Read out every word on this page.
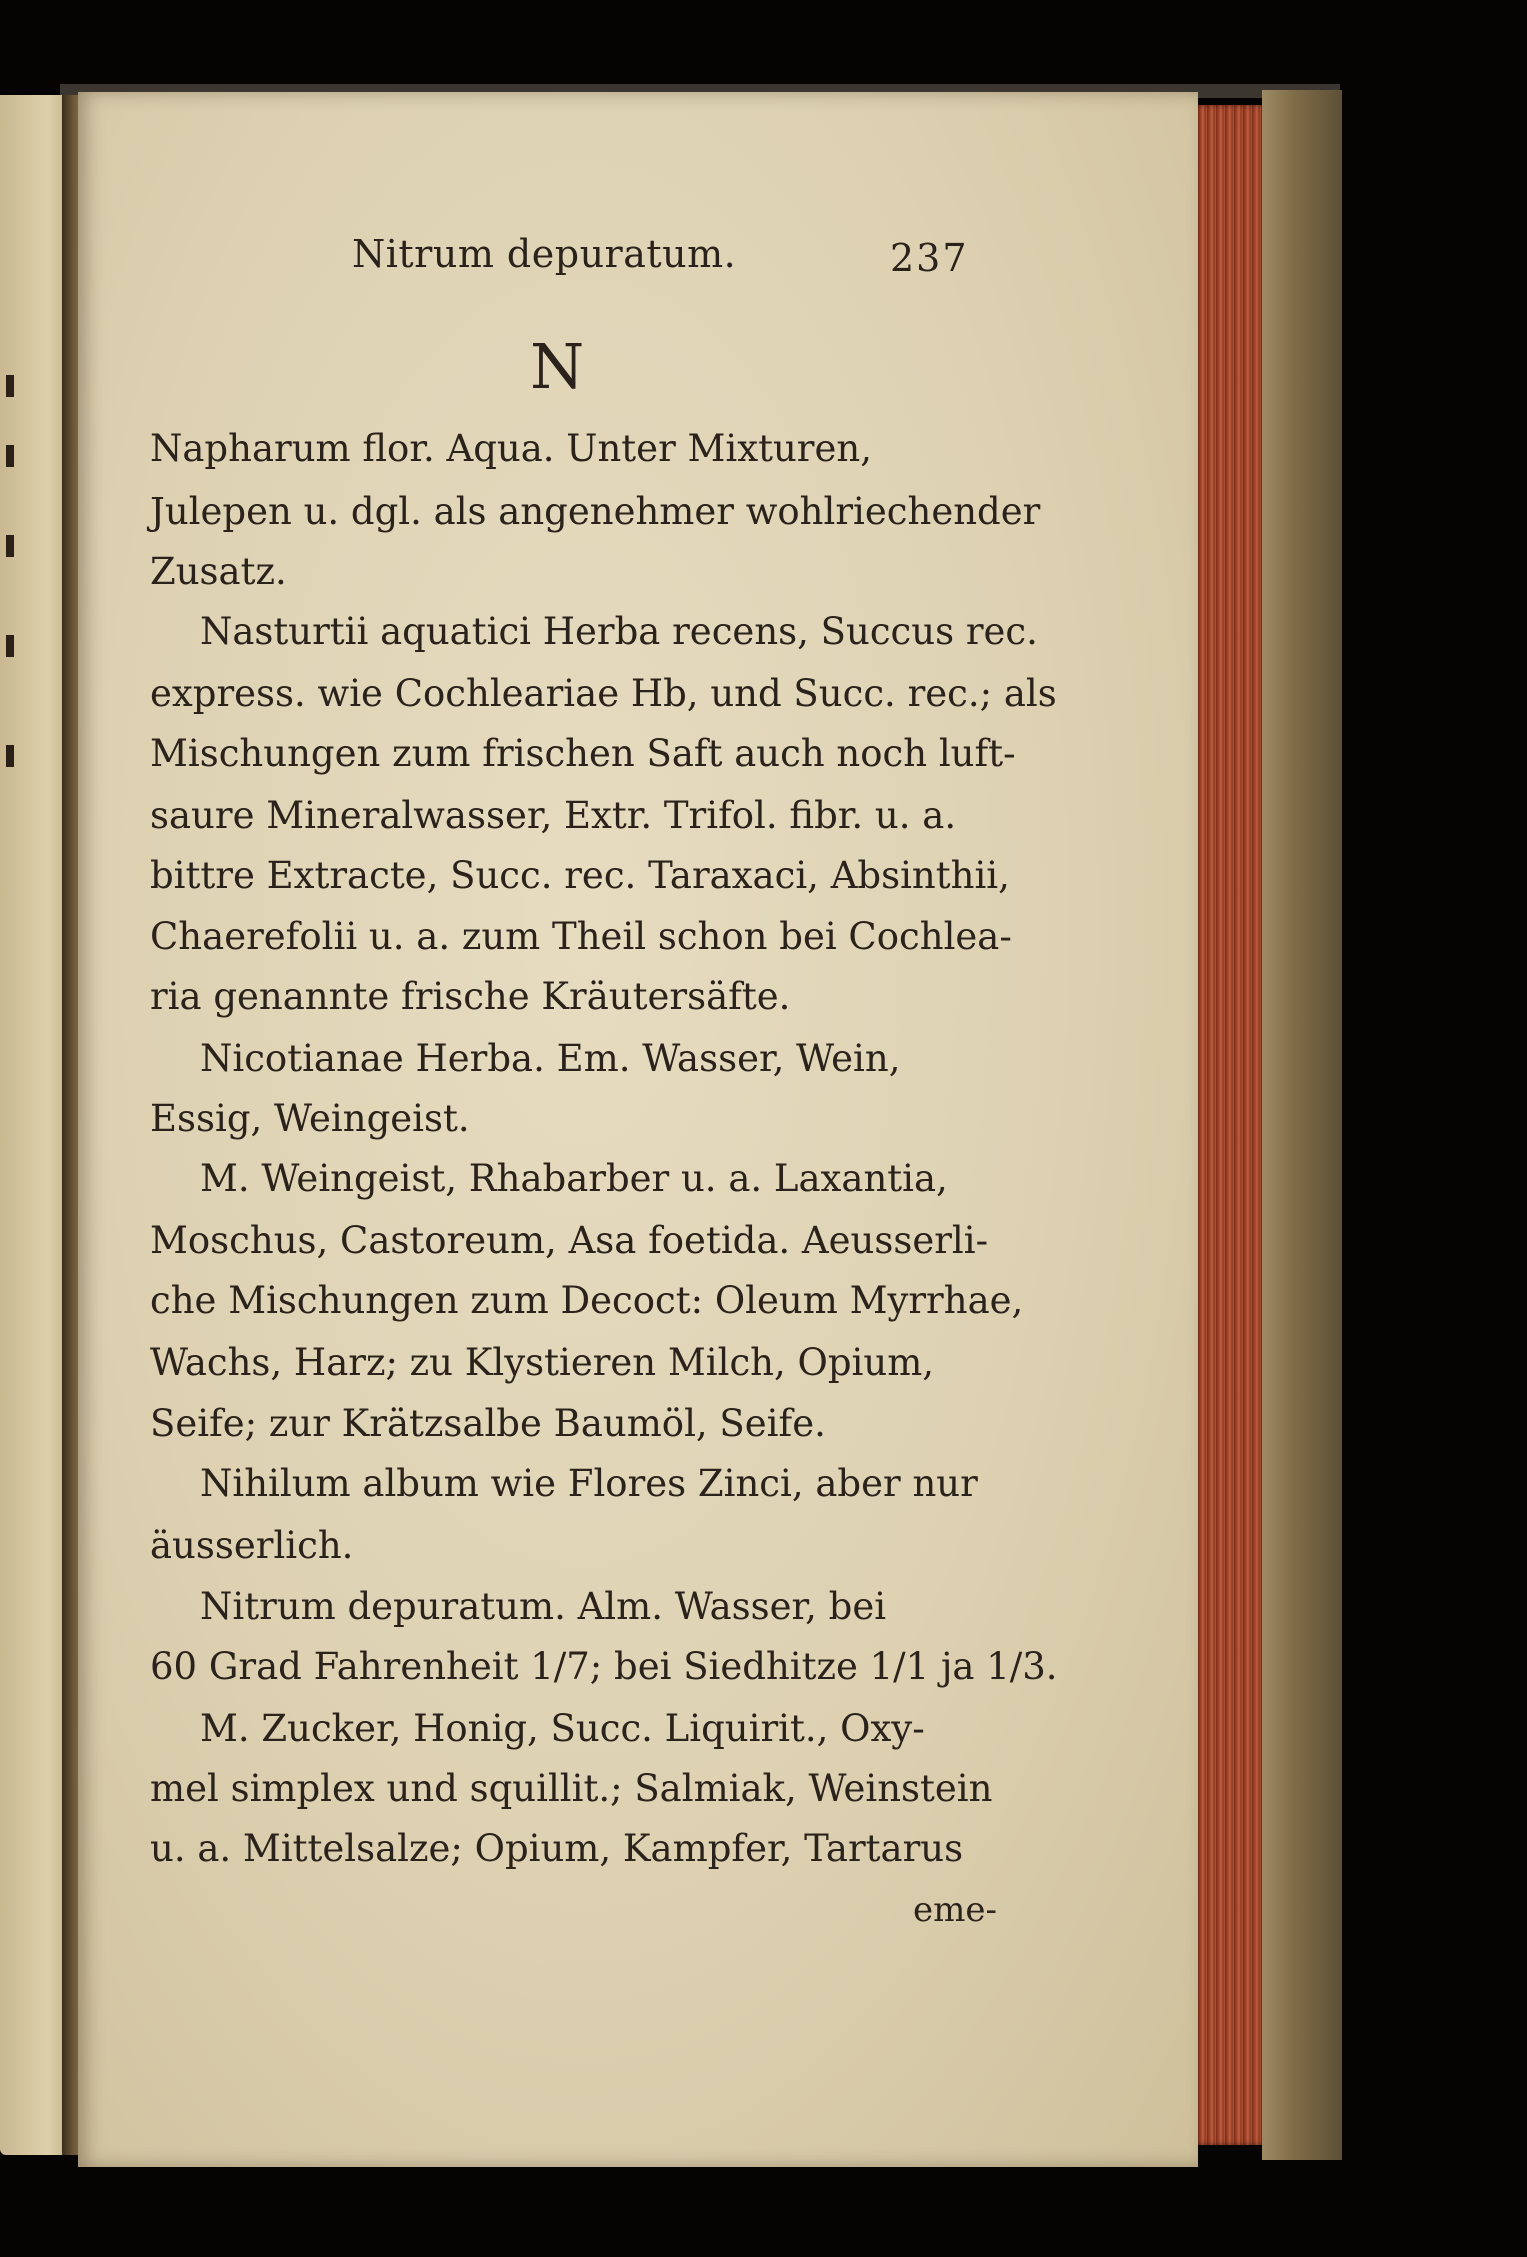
Nitrum depuratum.	237
N
Napharum flor. Aqua. Unter Mixturen,
Julepen u. dgl. als angenehmer wohlriechender
Zusatz.
Nasturtii aquatici Herba recens, Succus rec.
express. wie Cochleariae Hb, und Succ. rec.; als
Mischungen zum frischen Saft auch noch luft-
saure Mineralwasser, Extr. Trifol. fibr. u. a.
bittre Extracte, Succ. rec. Taraxaci, Absinthii,
Chaerefolii u. a. zum Theil schon bei Cochlea-
ria genannte frische Kräutersäfte.
Nicotianae Herba. Em. Wasser, Wein,
Essig, Weingeist.
M. Weingeist, Rhabarber u. a. Laxantia,
Moschus, Castoreum, Asa foetida. Aeusserli-
che Mischungen zum Decoct: Oleum Myrrhae,
Wachs, Harz; zu Klystieren Milch, Opium,
Seife; zur Krätzsalbe Baumöl, Seife.
Nihilum album wie Flores Zinci, aber nur
äusserlich.
Nitrum depuratum. Alm. Wasser, bei
60 Grad Fahrenheit 1/7; bei Siedhitze 1/1 ja 1/3.
M. Zucker, Honig, Succ. Liquirit., Oxy-
mel simplex und squillit.; Salmiak, Weinstein
u. a. Mittelsalze; Opium, Kampfer, Tartarus
eme-
